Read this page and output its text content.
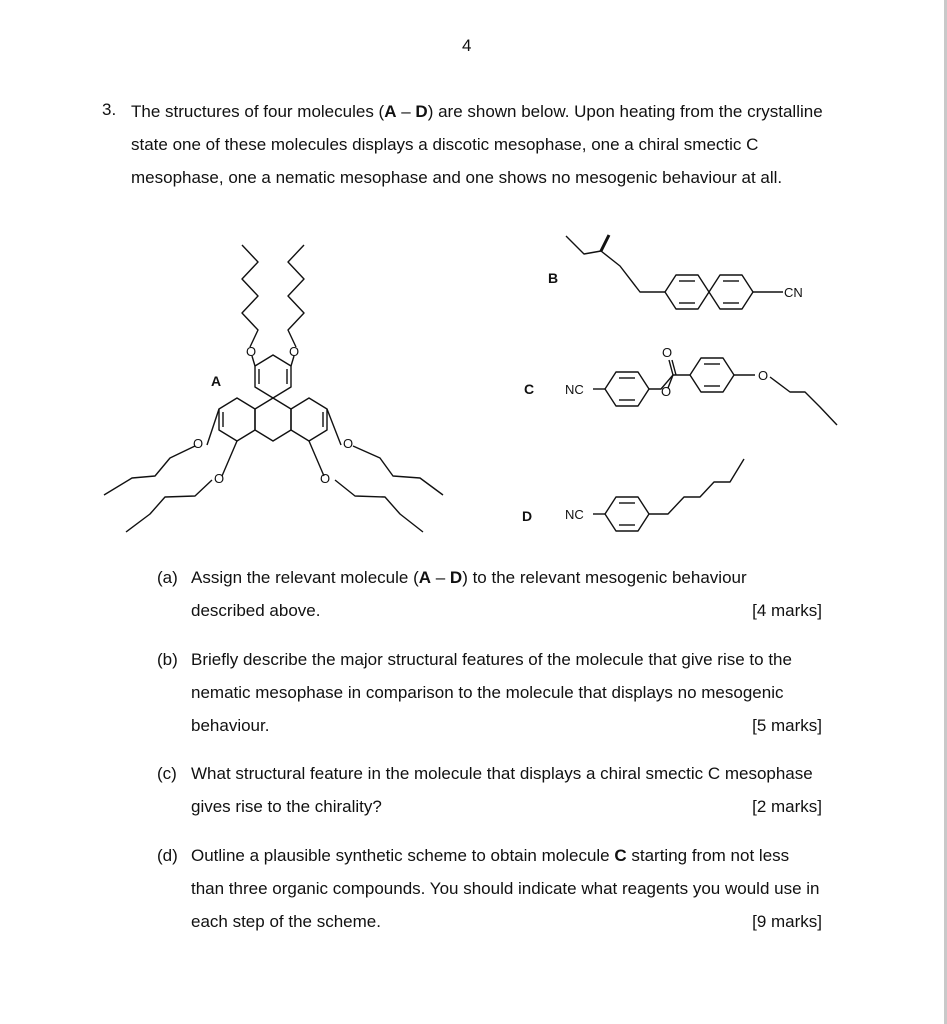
4
3. The structures of four molecules (A – D) are shown below. Upon heating from the crystalline state one of these molecules displays a discotic mesophase, one a chiral smectic C mesophase, one a nematic mesophase and one shows no mesogenic behaviour at all.
O	O
O	O
O	O
CN
NC
O
O
O
NC
A
B
C
D
(a) Assign the relevant molecule (A – D) to the relevant mesogenic behaviour described above.	[4 marks]
(b) Briefly describe the major structural features of the molecule that give rise to the nematic mesophase in comparison to the molecule that displays no mesogenic behaviour.	[5 marks]
(c) What structural feature in the molecule that displays a chiral smectic C mesophase gives rise to the chirality?	[2 marks]
(d) Outline a plausible synthetic scheme to obtain molecule C starting from not less than three organic compounds. You should indicate what reagents you would use in each step of the scheme.	[9 marks]
